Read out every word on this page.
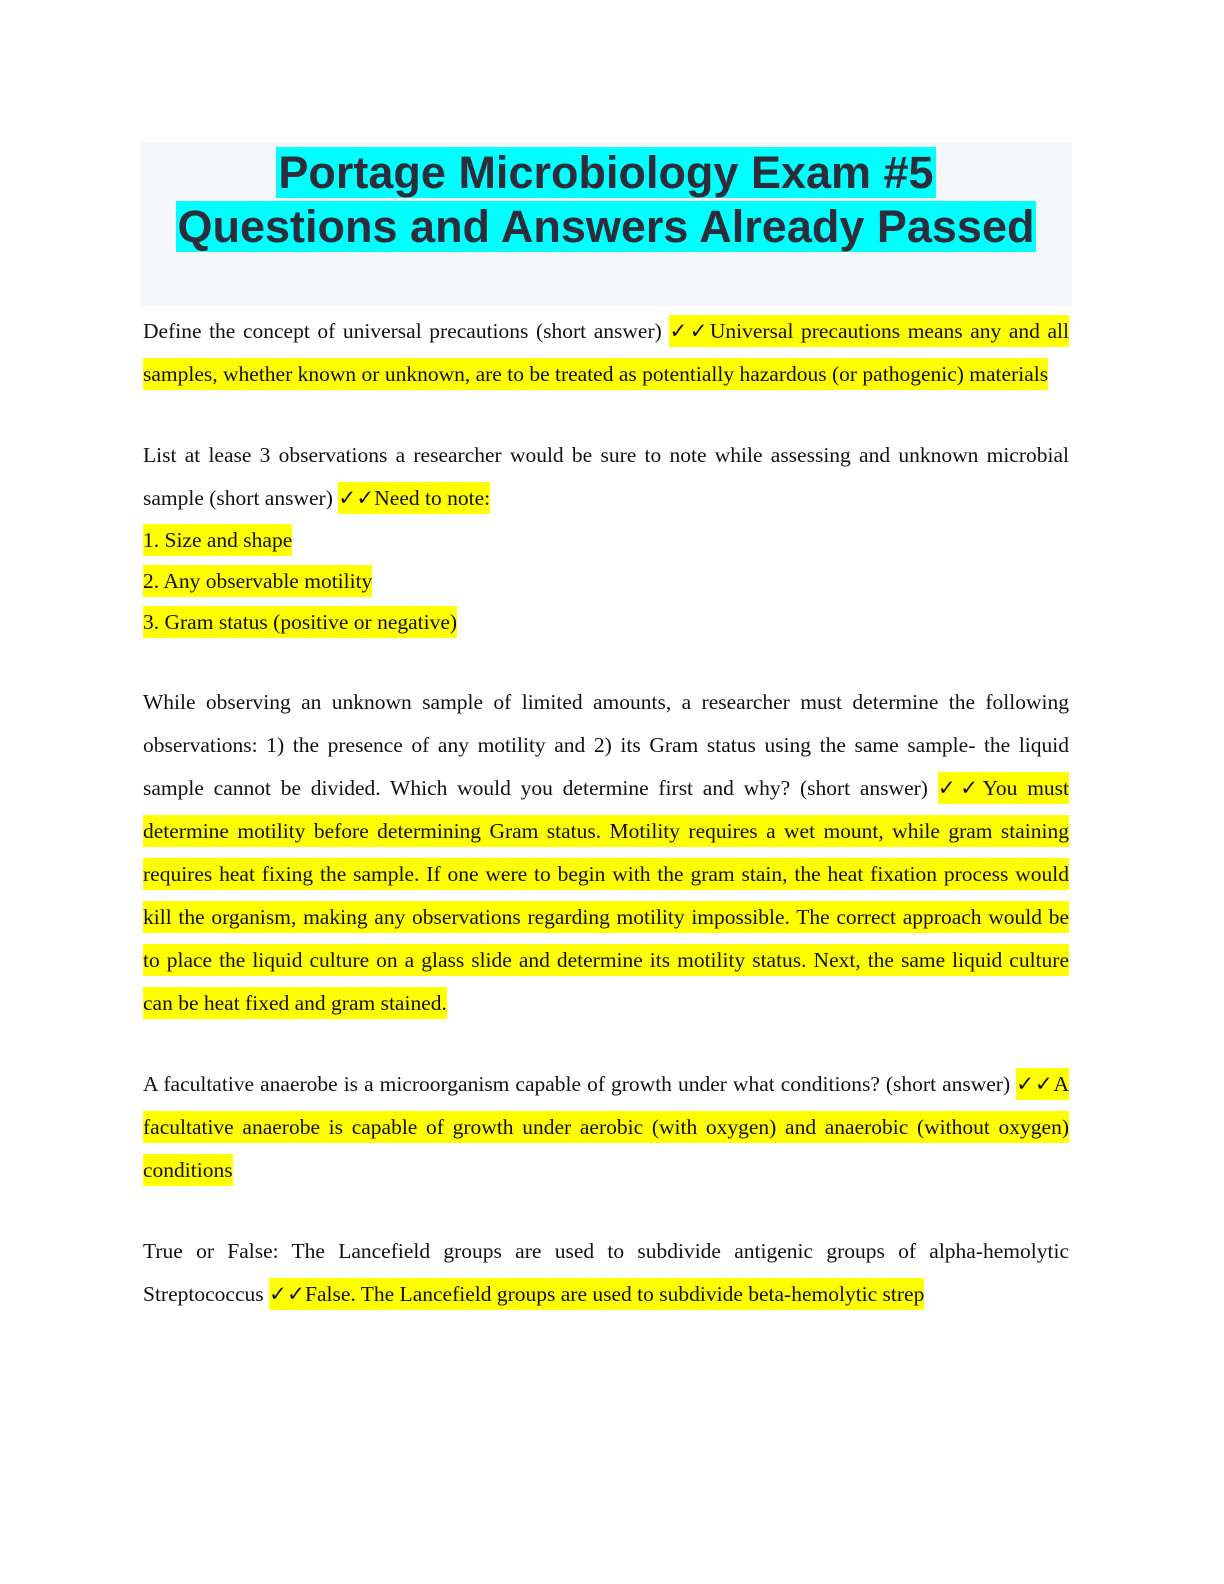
Portage Microbiology Exam #5
Questions and Answers Already Passed

Define the concept of universal precautions (short answer) ✓✓Universal precautions means any and all samples, whether known or unknown, are to be treated as potentially hazardous (or pathogenic) materials

List at lease 3 observations a researcher would be sure to note while assessing and unknown microbial sample (short answer) ✓✓Need to note:
1. Size and shape
2. Any observable motility
3. Gram status (positive or negative)

While observing an unknown sample of limited amounts, a researcher must determine the following observations: 1) the presence of any motility and 2) its Gram status using the same sample- the liquid sample cannot be divided. Which would you determine first and why? (short answer) ✓✓You must determine motility before determining Gram status. Motility requires a wet mount, while gram staining requires heat fixing the sample. If one were to begin with the gram stain, the heat fixation process would kill the organism, making any observations regarding motility impossible. The correct approach would be to place the liquid culture on a glass slide and determine its motility status. Next, the same liquid culture can be heat fixed and gram stained.

A facultative anaerobe is a microorganism capable of growth under what conditions? (short answer) ✓✓A facultative anaerobe is capable of growth under aerobic (with oxygen) and anaerobic (without oxygen) conditions

True or False: The Lancefield groups are used to subdivide antigenic groups of alpha-hemolytic Streptococcus ✓✓False. The Lancefield groups are used to subdivide beta-hemolytic strep
